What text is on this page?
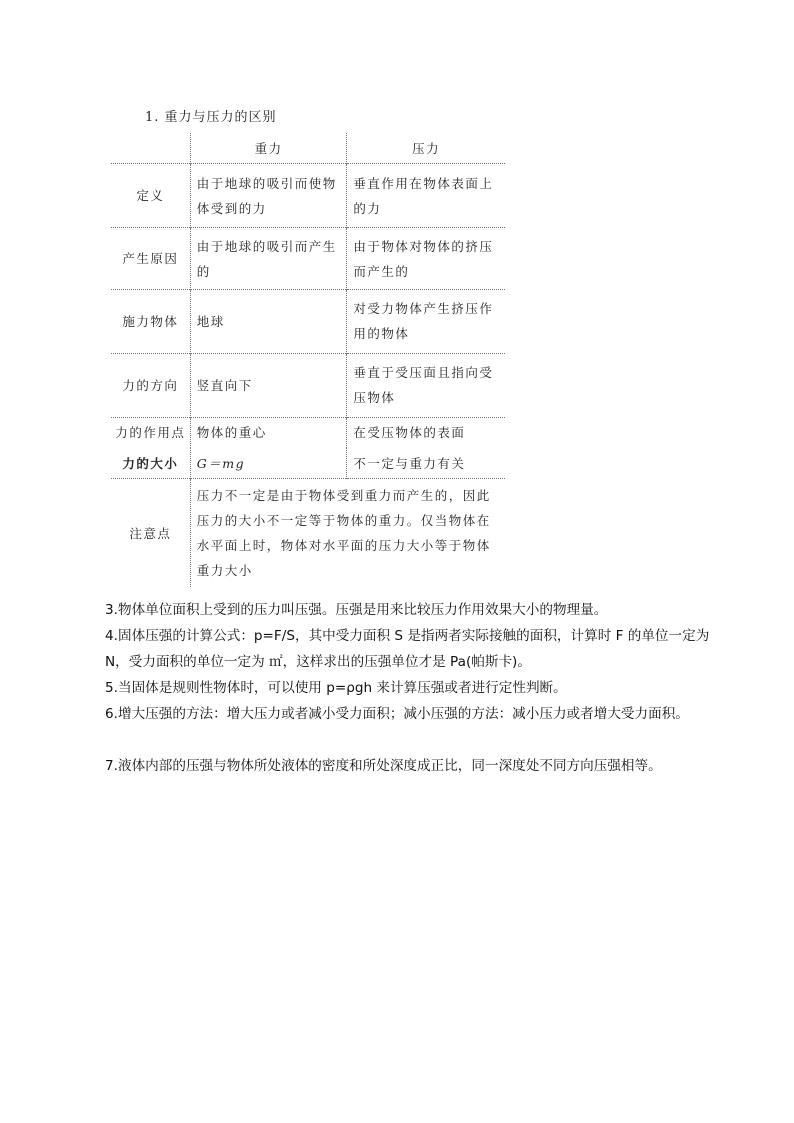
1. 重力与压力的区别
	重力	压力
定义	由于地球的吸引而使物体受到的力	垂直作用在物体表面上的力
产生原因	由于地球的吸引而产生的	由于物体对物体的挤压而产生的
施力物体	地球	对受力物体产生挤压作用的物体
力的方向	竖直向下	垂直于受压面且指向受压物体
力的作用点	物体的重心	在受压物体的表面
力的大小	G＝mg	不一定与重力有关
注意点	压力不一定是由于物体受到重力而产生的，因此压力的大小不一定等于物体的重力。仅当物体在水平面上时，物体对水平面的压力大小等于物体重力大小	
3.物体单位面积上受到的压力叫压强。压强是用来比较压力作用效果大小的物理量。
4.固体压强的计算公式：p=F/S，其中受力面积 S 是指两者实际接触的面积，计算时 F 的单位一定为 N，受力面积的单位一定为 ㎡，这样求出的压强单位才是 Pa(帕斯卡)。
5.当固体是规则性物体时，可以使用 p=ρgh 来计算压强或者进行定性判断。
6.增大压强的方法：增大压力或者减小受力面积；减小压强的方法：减小压力或者增大受力面积。
7.液体内部的压强与物体所处液体的密度和所处深度成正比，同一深度处不同方向压强相等。
